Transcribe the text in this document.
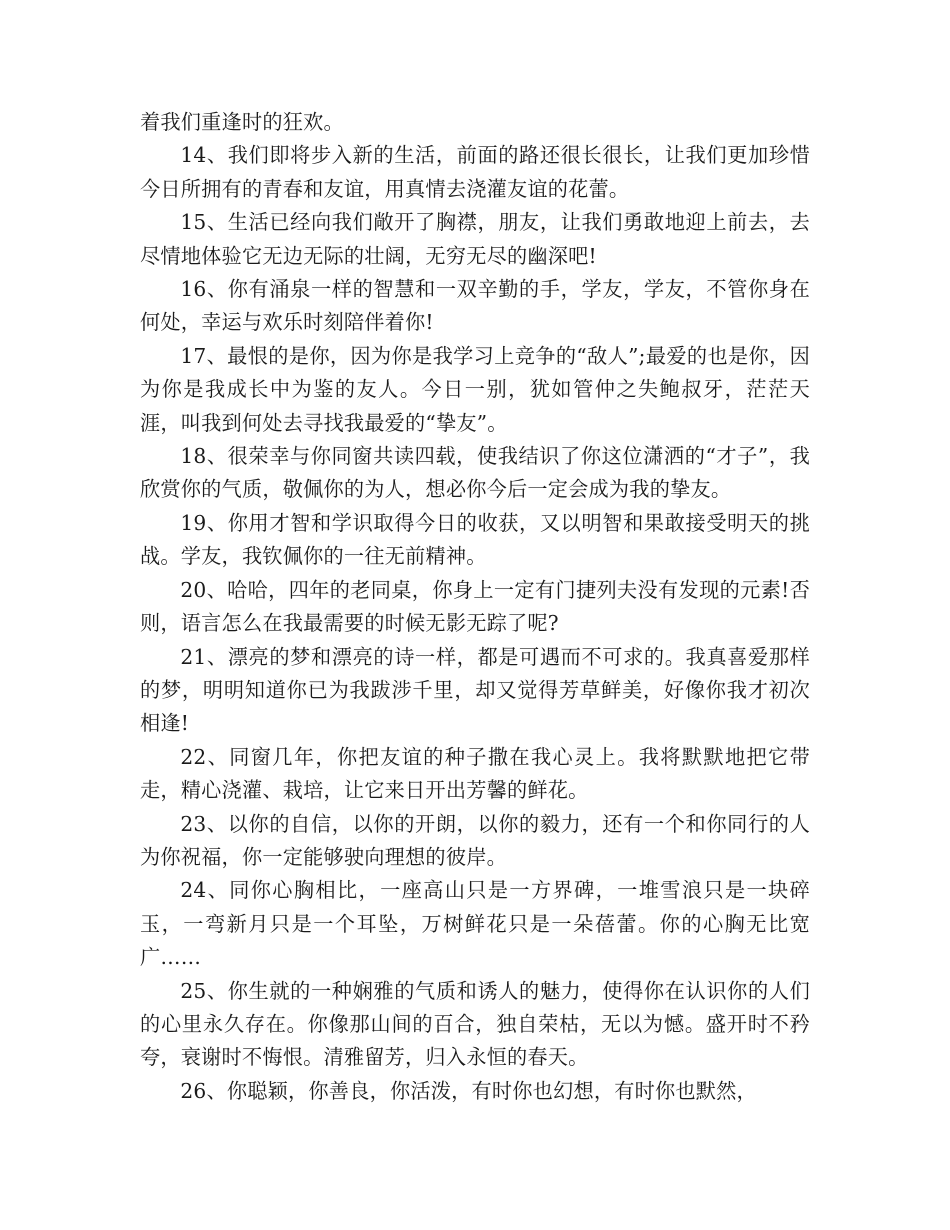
着我们重逢时的狂欢。

14、我们即将步入新的生活，前面的路还很长很长，让我们更加珍惜今日所拥有的青春和友谊，用真情去浇灌友谊的花蕾。

15、生活已经向我们敞开了胸襟，朋友，让我们勇敢地迎上前去，去尽情地体验它无边无际的壮阔，无穷无尽的幽深吧!

16、你有涌泉一样的智慧和一双辛勤的手，学友，学友，不管你身在何处，幸运与欢乐时刻陪伴着你!

17、最恨的是你，因为你是我学习上竞争的“敌人”;最爱的也是你，因为你是我成长中为鉴的友人。今日一别，犹如管仲之失鲍叔牙，茫茫天涯，叫我到何处去寻找我最爱的“挚友”。

18、很荣幸与你同窗共读四载，使我结识了你这位潇洒的“才子”，我欣赏你的气质，敬佩你的为人，想必你今后一定会成为我的挚友。

19、你用才智和学识取得今日的收获，又以明智和果敢接受明天的挑战。学友，我钦佩你的一往无前精神。

20、哈哈，四年的老同桌，你身上一定有门捷列夫没有发现的元素!否则，语言怎么在我最需要的时候无影无踪了呢?

21、漂亮的梦和漂亮的诗一样，都是可遇而不可求的。我真喜爱那样的梦，明明知道你已为我跋涉千里，却又觉得芳草鲜美，好像你我才初次相逢!

22、同窗几年，你把友谊的种子撒在我心灵上。我将默默地把它带走，精心浇灌、栽培，让它来日开出芳馨的鲜花。

23、以你的自信，以你的开朗，以你的毅力，还有一个和你同行的人为你祝福，你一定能够驶向理想的彼岸。

24、同你心胸相比，一座高山只是一方界碑，一堆雪浪只是一块碎玉，一弯新月只是一个耳坠，万树鲜花只是一朵蓓蕾。你的心胸无比宽广……

25、你生就的一种娴雅的气质和诱人的魅力，使得你在认识你的人们的心里永久存在。你像那山间的百合，独自荣枯，无以为憾。盛开时不矜夸，衰谢时不悔恨。清雅留芳，归入永恒的春天。

26、你聪颖，你善良，你活泼，有时你也幻想，有时你也默然，
